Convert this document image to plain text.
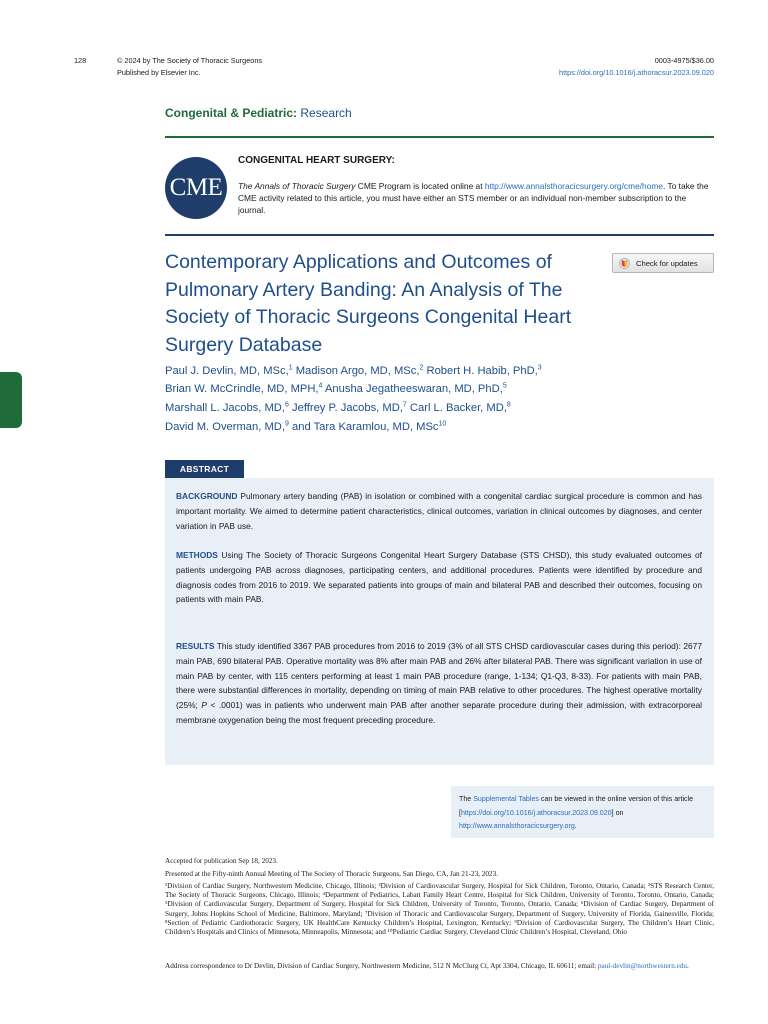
128	© 2024 by The Society of Thoracic Surgeons
Published by Elsevier Inc.
0003-4975/$36.00
https://doi.org/10.1016/j.athoracsur.2023.09.020
Congenital & Pediatric: Research
CME
CONGENITAL HEART SURGERY:
The Annals of Thoracic Surgery CME Program is located online at http://www.annalsthoracicsurgery.org/cme/home. To take the CME activity related to this article, you must have either an STS member or an individual non-member subscription to the journal.
Contemporary Applications and Outcomes of Pulmonary Artery Banding: An Analysis of The Society of Thoracic Surgeons Congenital Heart Surgery Database
Check for updates
Paul J. Devlin, MD, MSc,$^1$ Madison Argo, MD, MSc,$^2$ Robert H. Habib, PhD,$^3$
Brian W. McCrindle, MD, MPH,$^4$ Anusha Jegatheeswaran, MD, PhD,$^5$
Marshall L. Jacobs, MD,$^6$ Jeffrey P. Jacobs, MD,$^7$ Carl L. Backer, MD,$^8$
David M. Overman, MD,$^9$ and Tara Karamlou, MD, MSc$^{10}$
ABSTRACT

BACKGROUND Pulmonary artery banding (PAB) in isolation or combined with a congenital cardiac surgical procedure is common and has important mortality. We aimed to determine patient characteristics, clinical outcomes, variation in clinical outcomes by diagnoses, and center variation in PAB use.

METHODS Using The Society of Thoracic Surgeons Congenital Heart Surgery Database (STS CHSD), this study evaluated outcomes of patients undergoing PAB across diagnoses, participating centers, and additional procedures. Patients were identified by procedure and diagnosis codes from 2016 to 2019. We separated patients into groups of main and bilateral PAB and described their outcomes, focusing on patients with main PAB.

RESULTS This study identified 3367 PAB procedures from 2016 to 2019 (3% of all STS CHSD cardiovascular cases during this period): 2677 main PAB, 690 bilateral PAB. Operative mortality was 8% after main PAB and 26% after bilateral PAB. There was significant variation in use of main PAB by center, with 115 centers performing at least 1 main PAB procedure (range, 1-134; Q1-Q3, 8-33). For patients with main PAB, there were substantial differences in mortality, depending on timing of main PAB relative to other procedures. The highest operative mortality (25%; P < .0001) was in patients who underwent main PAB after another separate procedure during their admission, with extracorporeal membrane oxygenation being the most frequent preceding procedure.

The Supplemental Tables can be viewed in the online version of this article [https://doi.org/10.1016/j.athoracsur.2023.09.020] on http://www.annalsthoracicsurgery.org.
Accepted for publication Sep 18, 2023.
Presented at the Fifty-ninth Annual Meeting of The Society of Thoracic Surgeons, San Diego, CA, Jan 21-23, 2023.
¹Division of Cardiac Surgery, Northwestern Medicine, Chicago, Illinois; ²Division of Cardiovascular Surgery, Hospital for Sick Children, Toronto, Ontario, Canada; ³STS Research Center, The Society of Thoracic Surgeons, Chicago, Illinois; ⁴Department of Pediatrics, Labatt Family Heart Centre, Hospital for Sick Children, University of Toronto, Toronto, Ontario, Canada; ⁵Division of Cardiovascular Surgery, Department of Surgery, Hospital for Sick Children, University of Toronto, Toronto, Ontario, Canada; ⁶Division of Cardiac Surgery, Department of Surgery, Johns Hopkins School of Medicine, Baltimore, Maryland; ⁷Division of Thoracic and Cardiovascular Surgery, Department of Surgery, University of Florida, Gainesville, Florida; ⁸Section of Pediatric Cardiothoracic Surgery, UK HealthCare Kentucky Children’s Hospital, Lexington, Kentucky; ⁹Division of Cardiovascular Surgery, The Children’s Heart Clinic, Children’s Hospitals and Clinics of Minnesota, Minneapolis, Minnesota; and ¹⁰Pediatric Cardiac Surgery, Cleveland Clinic Children’s Hospital, Cleveland, Ohio
Address correspondence to Dr Devlin, Division of Cardiac Surgery, Northwestern Medicine, 512 N McClurg Ct, Apt 3304, Chicago, IL 60611; email: paul-devlin@northwestern.edu.
